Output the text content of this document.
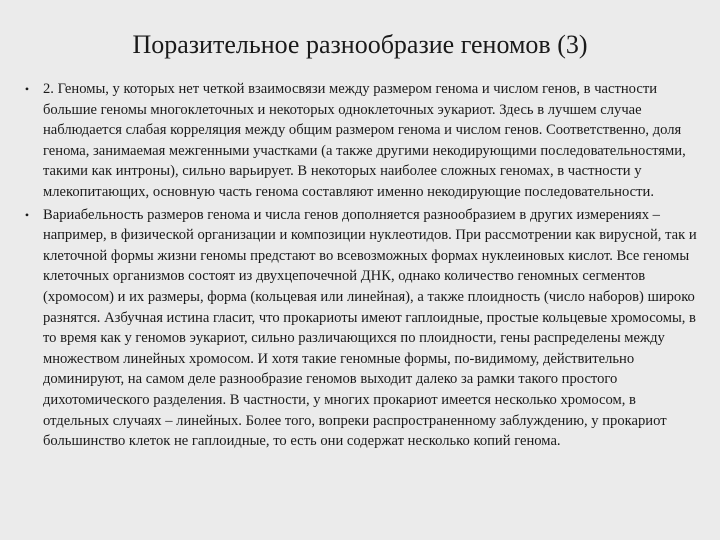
Поразительное разнообразие геномов (3)
• 2. Геномы, у которых нет четкой взаимосвязи между размером генома и числом генов, в частности большие геномы многоклеточных и некоторых одноклеточных эукариот. Здесь в лучшем случае наблюдается слабая корреляция между общим размером генома и числом генов. Соответственно, доля генома, занимаемая межгенными участками (а также другими некодирующими последовательностями, такими как интроны), сильно варьирует. В некоторых наиболее сложных геномах, в частности у млекопитающих, основную часть генома составляют именно некодирующие последовательности.
• Вариабельность размеров генома и числа генов дополняется разнообразием в других измерениях – например, в физической организации и композиции нуклеотидов. При рассмотрении как вирусной, так и клеточной формы жизни геномы предстают во всевозможных формах нуклеиновых кислот. Все геномы клеточных организмов состоят из двухцепочечной ДНК, однако количество геномных сегментов (хромосом) и их размеры, форма (кольцевая или линейная), а также плоидность (число наборов) широко разнятся. Азбучная истина гласит, что прокариоты имеют гаплоидные, простые кольцевые хромосомы, в то время как у геномов эукариот, сильно различающихся по плоидности, гены распределены между множеством линейных хромосом. И хотя такие геномные формы, по-видимому, действительно доминируют, на самом деле разнообразие геномов выходит далеко за рамки такого простого дихотомического разделения. В частности, у многих прокариот имеется несколько хромосом, в отдельных случаях – линейных. Более того, вопреки распространенному заблуждению, у прокариот большинство клеток не гаплоидные, то есть они содержат несколько копий генома.
